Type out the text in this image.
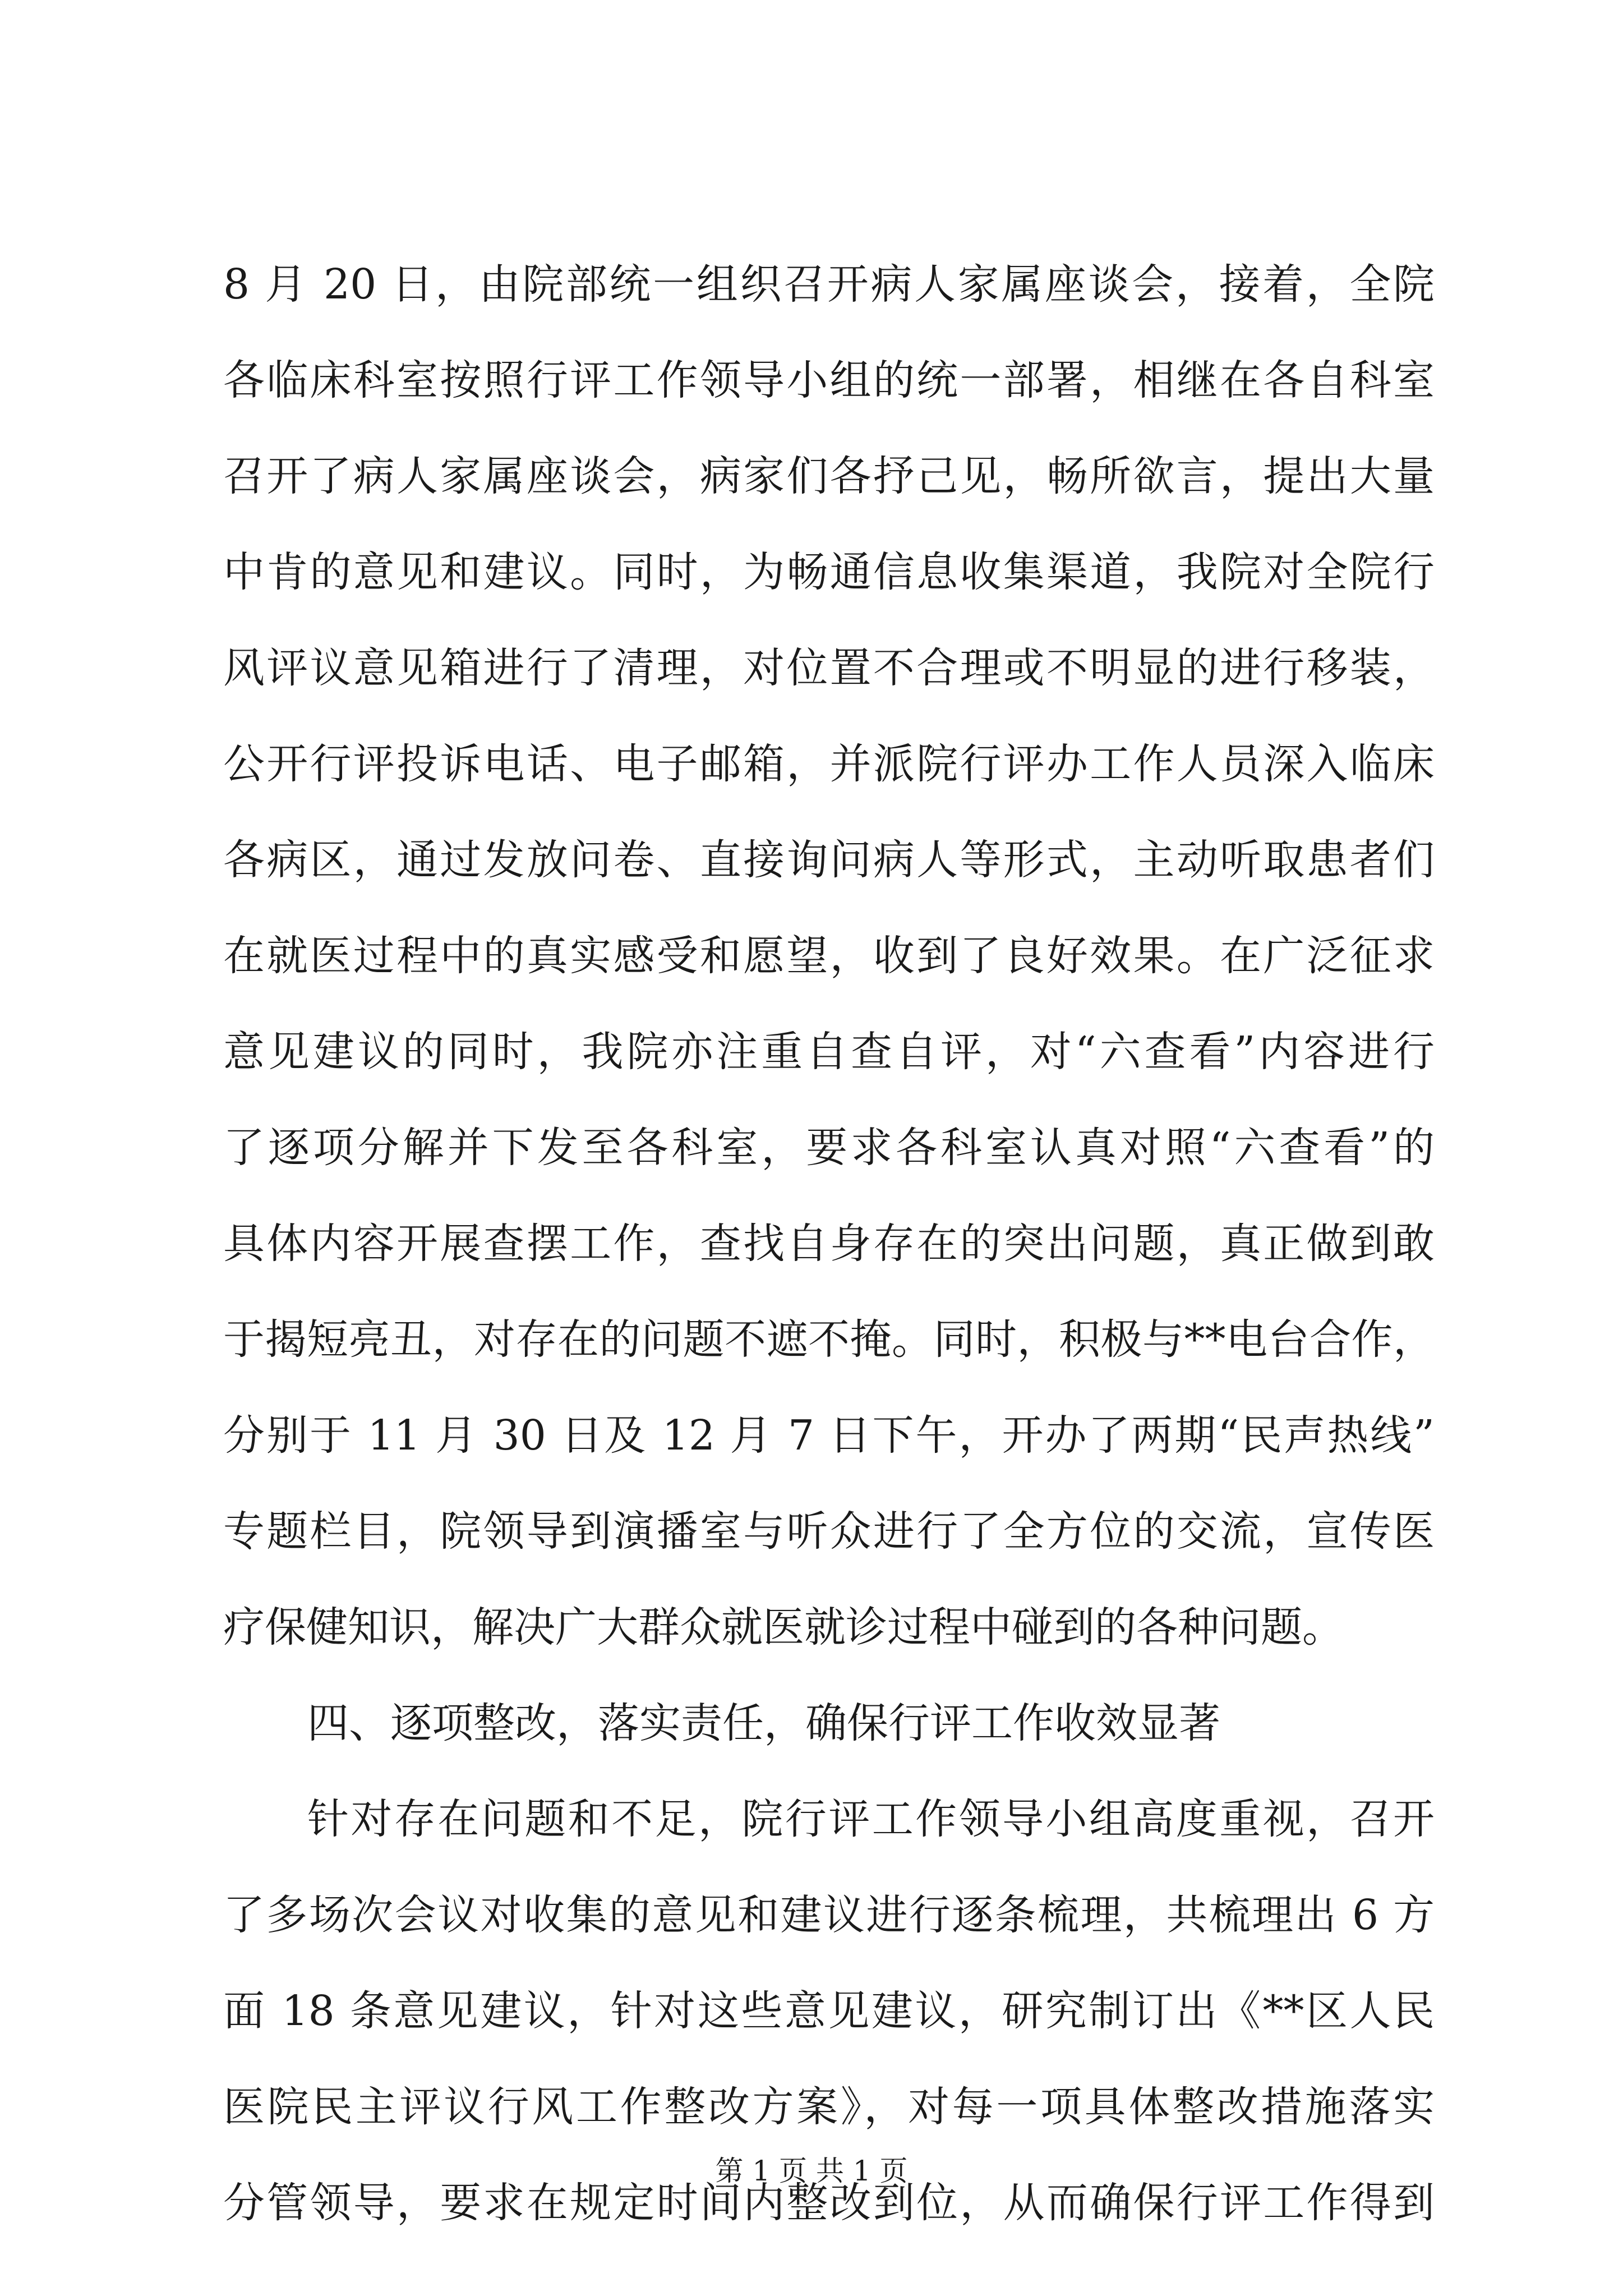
8 月 20 日，由院部统一组织召开病人家属座谈会，接着，全院
各临床科室按照行评工作领导小组的统一部署，相继在各自科室
召开了病人家属座谈会，病家们各抒己见，畅所欲言，提出大量
中肯的意见和建议。同时，为畅通信息收集渠道，我院对全院行
风评议意见箱进行了清理，对位置不合理或不明显的进行移装，
公开行评投诉电话、电子邮箱，并派院行评办工作人员深入临床
各病区，通过发放问卷、直接询问病人等形式，主动听取患者们
在就医过程中的真实感受和愿望，收到了良好效果。在广泛征求
意见建议的同时，我院亦注重自查自评，对“六查看”内容进行
了逐项分解并下发至各科室，要求各科室认真对照“六查看”的
具体内容开展查摆工作，查找自身存在的突出问题，真正做到敢
于揭短亮丑，对存在的问题不遮不掩。同时，积极与**电台合作，
分别于 11 月 30 日及 12 月 7 日下午，开办了两期“民声热线”
专题栏目，院领导到演播室与听众进行了全方位的交流，宣传医
疗保健知识，解决广大群众就医就诊过程中碰到的各种问题。
四、逐项整改，落实责任，确保行评工作收效显著
针对存在问题和不足，院行评工作领导小组高度重视，召开
了多场次会议对收集的意见和建议进行逐条梳理，共梳理出 6 方
面 18 条意见建议，针对这些意见建议，研究制订出《**区人民
医院民主评议行风工作整改方案》，对每一项具体整改措施落实
分管领导，要求在规定时间内整改到位，从而确保行评工作得到
第 1 页 共 1 页
